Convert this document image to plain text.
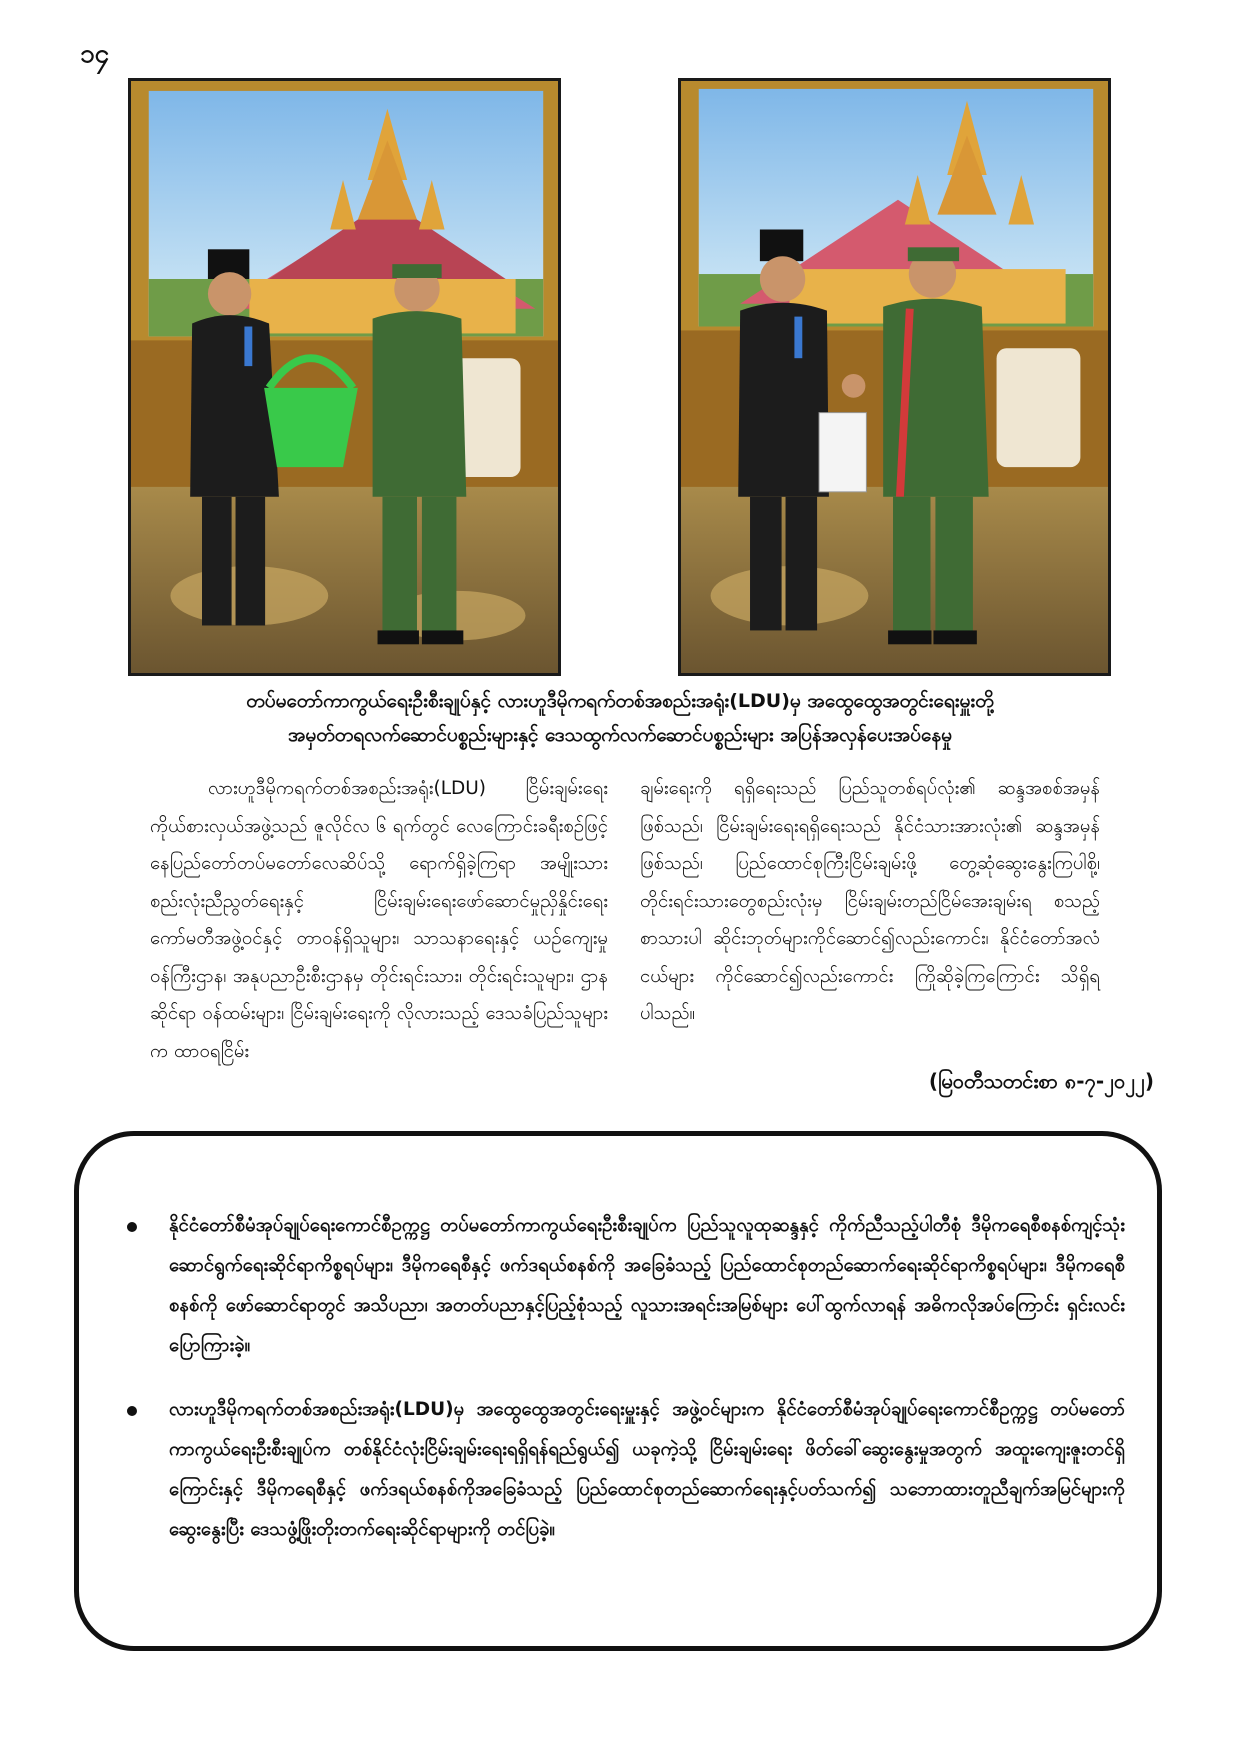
၁၄
တပ်မတော်ကာကွယ်ရေးဦးစီးချုပ်နှင့် လားဟူဒီမိုကရက်တစ်အစည်းအရုံး(LDU)မှ အထွေထွေအတွင်းရေးမှူးတို့
အမှတ်တရလက်ဆောင်ပစ္စည်းများနှင့် ဒေသထွက်လက်ဆောင်ပစ္စည်းများ အပြန်အလှန်ပေးအပ်နေမှု
လားဟူဒီမိုကရက်တစ်အစည်းအရုံး(LDU) ငြိမ်းချမ်းရေးကိုယ်စားလှယ်အဖွဲ့သည် ဇူလိုင်လ ၆ ရက်တွင် လေကြောင်းခရီးစဉ်ဖြင့် နေပြည်တော်တပ်မတော်လေဆိပ်သို့ ရောက်ရှိခဲ့ကြရာ အမျိုးသားစည်းလုံးညီညွတ်ရေးနှင့် ငြိမ်းချမ်းရေးဖော်ဆောင်မှုညှိနှိုင်းရေးကော်မတီအဖွဲ့ဝင်နှင့် တာဝန်ရှိသူများ၊ သာသနာရေးနှင့် ယဉ်ကျေးမှုဝန်ကြီးဌာန၊ အနုပညာဦးစီးဌာနမှ တိုင်းရင်းသား၊ တိုင်းရင်းသူများ၊ ဌာနဆိုင်ရာ ဝန်ထမ်းများ၊ ငြိမ်းချမ်းရေးကို လိုလားသည့် ဒေသခံပြည်သူများက ထာဝရငြိမ်း
ချမ်းရေးကို ရရှိရေးသည် ပြည်သူတစ်ရပ်လုံး၏ ဆန္ဒအစစ်အမှန်ဖြစ်သည်၊ ငြိမ်းချမ်းရေးရရှိရေးသည် နိုင်ငံသားအားလုံး၏ ဆန္ဒအမှန်ဖြစ်သည်၊ ပြည်ထောင်စုကြီးငြိမ်းချမ်းဖို့ တွေ့ဆုံဆွေးနွေးကြပါစို့၊ တိုင်းရင်းသားတွေစည်းလုံးမှ ငြိမ်းချမ်းတည်ငြိမ်အေးချမ်းရ စသည့်စာသားပါ ဆိုင်းဘုတ်များကိုင်ဆောင်၍လည်းကောင်း၊ နိုင်ငံတော်အလံငယ်များ ကိုင်ဆောင်၍လည်းကောင်း ကြိုဆိုခဲ့ကြကြောင်း သိရှိရပါသည်။
(မြဝတီသတင်းစာ ၈-၇-၂၀၂၂)
နိုင်ငံတော်စီမံအုပ်ချုပ်ရေးကောင်စီဥက္ကဋ္ဌ တပ်မတော်ကာကွယ်ရေးဦးစီးချုပ်က ပြည်သူလူထုဆန္ဒနှင့် ကိုက်ညီသည့်ပါတီစုံ ဒီမိုကရေစီစနစ်ကျင့်သုံးဆောင်ရွက်ရေးဆိုင်ရာကိစ္စရပ်များ၊ ဒီမိုကရေစီနှင့် ဖက်ဒရယ်စနစ်ကို အခြေခံသည့် ပြည်ထောင်စုတည်ဆောက်ရေးဆိုင်ရာကိစ္စရပ်များ၊ ဒီမိုကရေစီစနစ်ကို ဖော်ဆောင်ရာတွင် အသိပညာ၊ အတတ်ပညာနှင့်ပြည့်စုံသည့် လူသားအရင်းအမြစ်များ ပေါ်ထွက်လာရန် အဓိကလိုအပ်ကြောင်း ရှင်းလင်းပြောကြားခဲ့။
လားဟူဒီမိုကရက်တစ်အစည်းအရုံး(LDU)မှ အထွေထွေအတွင်းရေးမှူးနှင့် အဖွဲ့ဝင်များက နိုင်ငံတော်စီမံအုပ်ချုပ်ရေးကောင်စီဥက္ကဋ္ဌ တပ်မတော်ကာကွယ်ရေးဦးစီးချုပ်က တစ်နိုင်ငံလုံးငြိမ်းချမ်းရေးရရှိရန်ရည်ရွယ်၍ ယခုကဲ့သို့ ငြိမ်းချမ်းရေး ဖိတ်ခေါ်ဆွေးနွေးမှုအတွက် အထူးကျေးဇူးတင်ရှိကြောင်းနှင့် ဒီမိုကရေစီနှင့် ဖက်ဒရယ်စနစ်ကိုအခြေခံသည့် ပြည်ထောင်စုတည်ဆောက်ရေးနှင့်ပတ်သက်၍ သဘောထားတူညီချက်အမြင်များကို ဆွေးနွေးပြီး ဒေသဖွံ့ဖြိုးတိုးတက်ရေးဆိုင်ရာများကို တင်ပြခဲ့။
